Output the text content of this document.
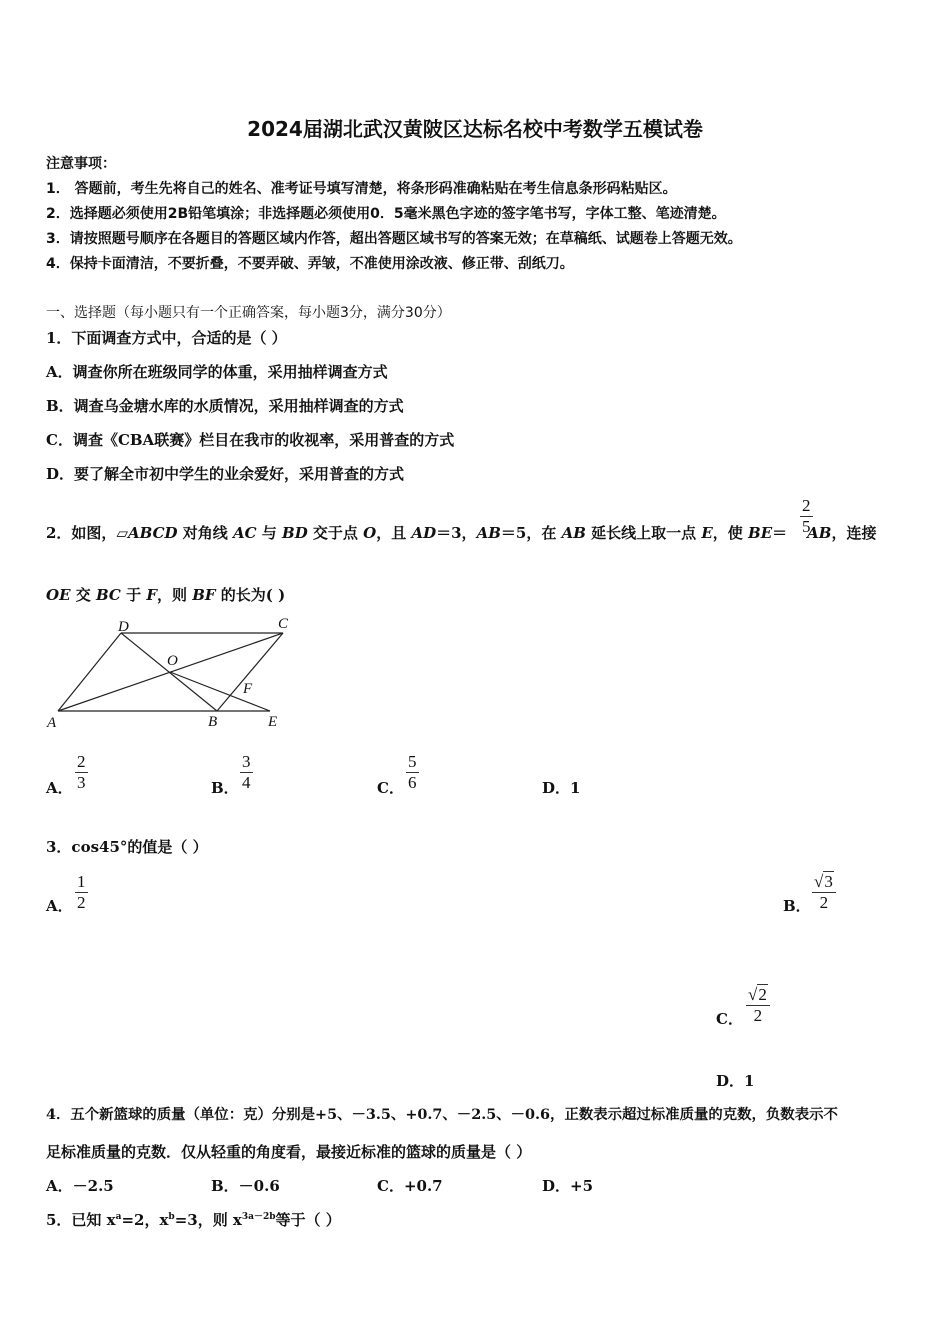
2024届湖北武汉黄陂区达标名校中考数学五模试卷
注意事项：
1． 答题前，考生先将自己的姓名、准考证号填写清楚，将条形码准确粘贴在考生信息条形码粘贴区。
2．选择题必须使用2B铅笔填涂；非选择题必须使用0．5毫米黑色字迹的签字笔书写，字体工整、笔迹清楚。
3．请按照题号顺序在各题目的答题区域内作答，超出答题区域书写的答案无效；在草稿纸、试题卷上答题无效。
4．保持卡面清洁，不要折叠，不要弄破、弄皱，不准使用涂改液、修正带、刮纸刀。
一、选择题（每小题只有一个正确答案，每小题3分，满分30分）
1．下面调查方式中，合适的是（ ）
A．调查你所在班级同学的体重，采用抽样调查方式
B．调查乌金塘水库的水质情况，采用抽样调查的方式
C．调查《CBA联赛》栏目在我市的收视率，采用普查的方式
D．要了解全市初中学生的业余爱好，采用普查的方式
2．如图，▱ABCD 对角线 AC 与 BD 交于点 O，且 AD＝3，AB＝5，在 AB 延长线上取一点 E，使 BE＝ AB，连接
$\frac{2}{5}$
OE 交 BC 于 F，则 BF 的长为( )
A	B
C
D
E
F
O
A． $\frac{2}{3}$	B． $\frac{3}{4}$	C． $\frac{5}{6}$	D．1
3．cos45°的值是（ ）
A． $\frac{1}{2}$	B． $\frac{√3}{2}$
C． $\frac{√2}{2}$
D．1
4．五个新篮球的质量（单位：克）分别是+5、－3.5、+0.7、－2.5、－0.6，正数表示超过标准质量的克数，负数表示不
足标准质量的克数．仅从轻重的角度看，最接近标准的篮球的质量是（ ）
A．－2.5	B．－0.6	C．+0.7	D．+5
5．已知 $x^a=2$，$x^b=3$，则 $x^{3a-2b}$等于（ ）
